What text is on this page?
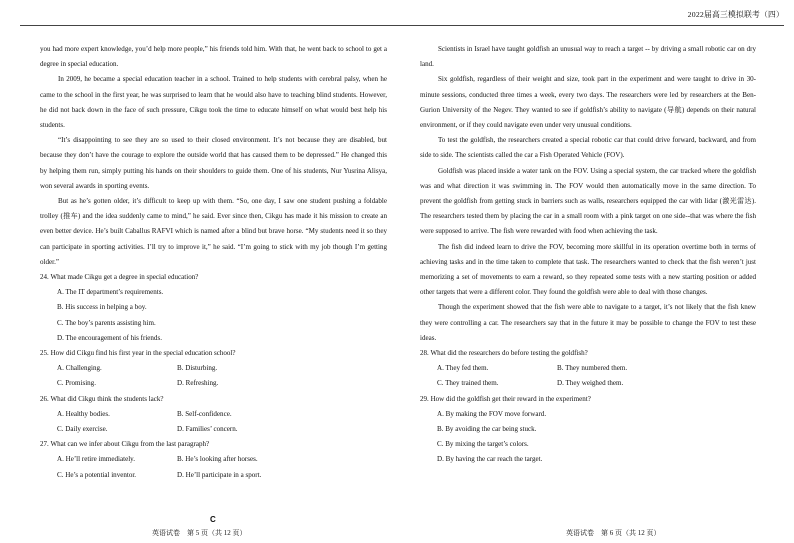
2022届高三模拟联考（四）

you had more expert knowledge, you’d help more people,” his friends told him. With that, he went back to school to get a degree in special education.

In 2009, he became a special education teacher in a school. Trained to help students with cerebral palsy, when he came to the school in the first year, he was surprised to learn that he would also have to teaching blind students. However, he did not back down in the face of such pressure, Cikgu took the time to educate himself on what would best help his students.

“It’s disappointing to see they are so used to their closed environment. It’s not because they are disabled, but because they don’t have the courage to explore the outside world that has caused them to be depressed.” He changed this by helping them run, simply putting his hands on their shoulders to guide them. One of his students, Nur Yusrina Alisya, won several awards in sporting events.

But as he’s gotten older, it’s difficult to keep up with them. “So, one day, I saw one student pushing a foldable trolley (推车) and the idea suddenly came to mind,” he said. Ever since then, Cikgu has made it his mission to create an even better device. He’s built Caballus RAFVI which is named after a blind but brave horse. “My students need it so they can participate in sporting activities. I’ll try to improve it,” he said. “I’m going to stick with my job though I’m getting older.”

24. What made Cikgu get a degree in special education?

A. The IT department’s requirements.

B. His success in helping a boy.

C. The boy’s parents assisting him.

D. The encouragement of his friends.

25. How did Cikgu find his first year in the special education school?

A. Challenging.	B. Disturbing.
C. Promising.	D. Refreshing.

26. What did Cikgu think the students lack?

A. Healthy bodies.	B. Self-confidence.
C. Daily exercise.	D. Families’ concern.

27. What can we infer about Cikgu from the last paragraph?

A. He’ll retire immediately.	B. He’s looking after horses.
C. He’s a potential inventor.	D. He’ll participate in a sport.
C

Scientists in Israel have taught goldfish an unusual way to reach a target -- by driving a small robotic car on dry land.

Six goldfish, regardless of their weight and size, took part in the experiment and were taught to drive in 30-minute sessions, conducted three times a week, every two days. The researchers were led by researchers at the Ben-Gurion University of the Negev. They wanted to see if goldfish’s ability to navigate (导航) depends on their natural environment, or if they could navigate even under very unusual conditions.

To test the goldfish, the researchers created a special robotic car that could drive forward, backward, and from side to side. The scientists called the car a Fish Operated Vehicle (FOV).

Goldfish was placed inside a water tank on the FOV. Using a special system, the car tracked where the goldfish was and what direction it was swimming in. The FOV would then automatically move in the same direction. To prevent the goldfish from getting stuck in barriers such as walls, researchers equipped the car with lidar (激光雷达). The researchers tested them by placing the car in a small room with a pink target on one side--that was where the fish were supposed to arrive. The fish were rewarded with food when achieving the task.

The fish did indeed learn to drive the FOV, becoming more skillful in its operation overtime both in terms of achieving tasks and in the time taken to complete that task. The researchers wanted to check that the fish weren’t just memorizing a set of movements to earn a reward, so they repeated some tests with a new starting position or added other targets that were a different color. They found the goldfish were able to deal with those changes.

Though the experiment showed that the fish were able to navigate to a target, it’s not likely that the fish knew they were controlling a car. The researchers say that in the future it may be possible to change the FOV to test these ideas.

28. What did the researchers do before testing the goldfish?

A. They fed them.	B. They numbered them.
C. They trained them.	D. They weighed them.

29. How did the goldfish get their reward in the experiment?

A. By making the FOV move forward.

B. By avoiding the car being stuck.

C. By mixing the target’s colors.

D. By having the car reach the target.

英语试卷　第 5 页（共 12 页）	英语试卷　第 6 页（共 12 页）
